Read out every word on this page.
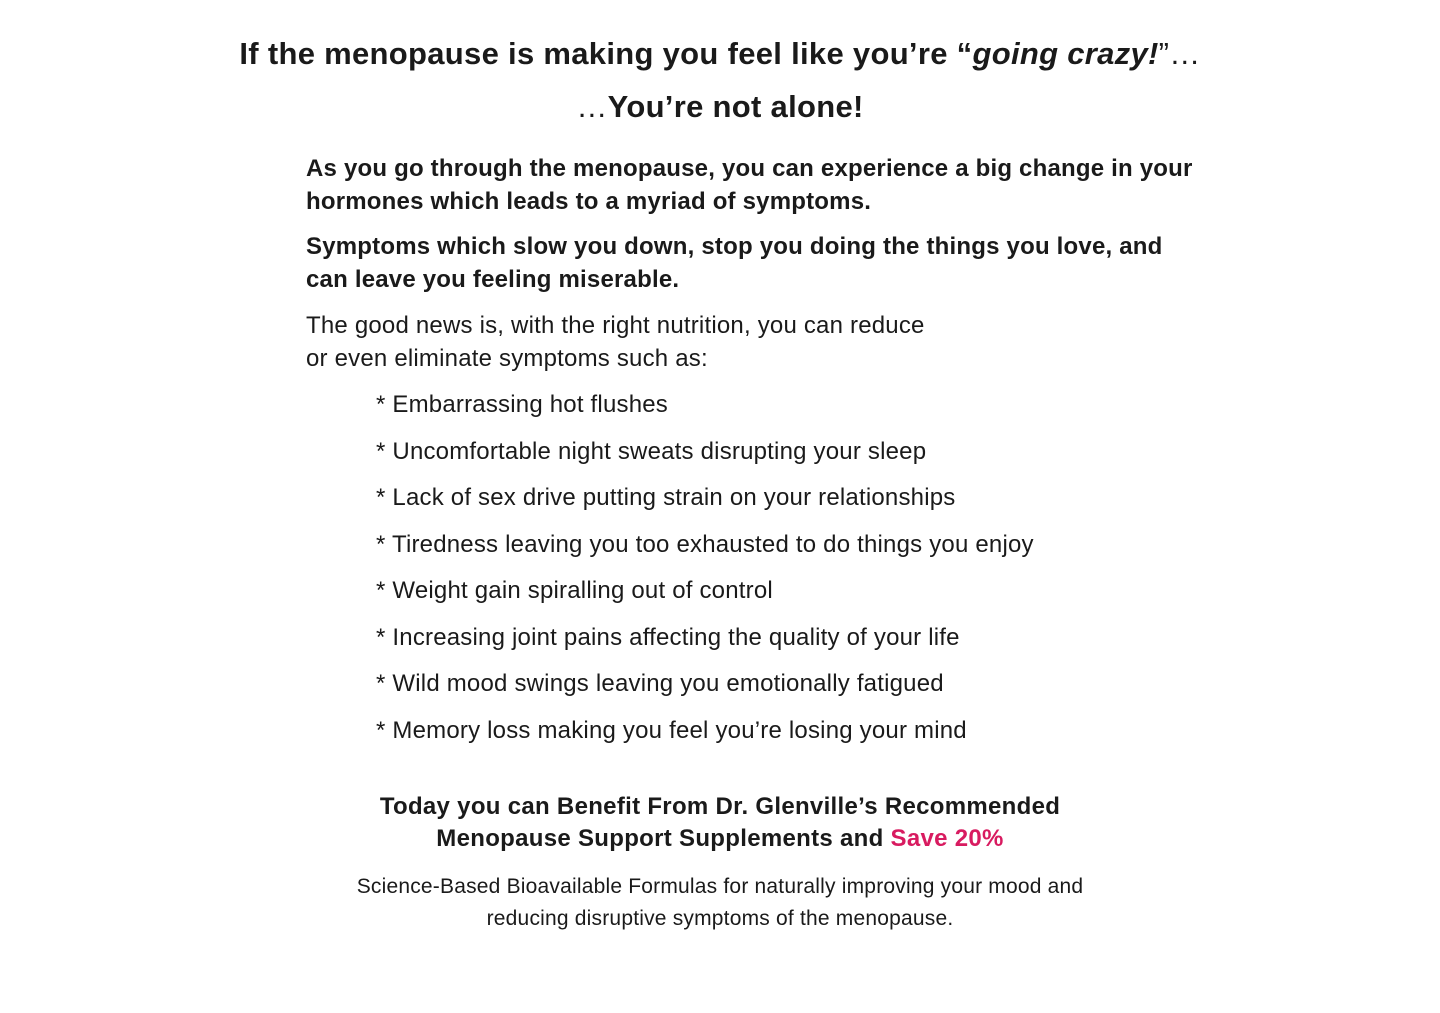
If the menopause is making you feel like you’re “going crazy!”…
…You’re not alone!

As you go through the menopause, you can experience a big change in your hormones which leads to a myriad of symptoms.

Symptoms which slow you down, stop you doing the things you love, and can leave you feeling miserable.

The good news is, with the right nutrition, you can reduce
or even eliminate symptoms such as:

* Embarrassing hot flushes
* Uncomfortable night sweats disrupting your sleep
* Lack of sex drive putting strain on your relationships
* Tiredness leaving you too exhausted to do things you enjoy
* Weight gain spiralling out of control
* Increasing joint pains affecting the quality of your life
* Wild mood swings leaving you emotionally fatigued
* Memory loss making you feel you’re losing your mind
Today you can Benefit From Dr. Glenville’s Recommended
Menopause Support Supplements and Save 20%
Science-Based Bioavailable Formulas for naturally improving your mood and
reducing disruptive symptoms of the menopause.
